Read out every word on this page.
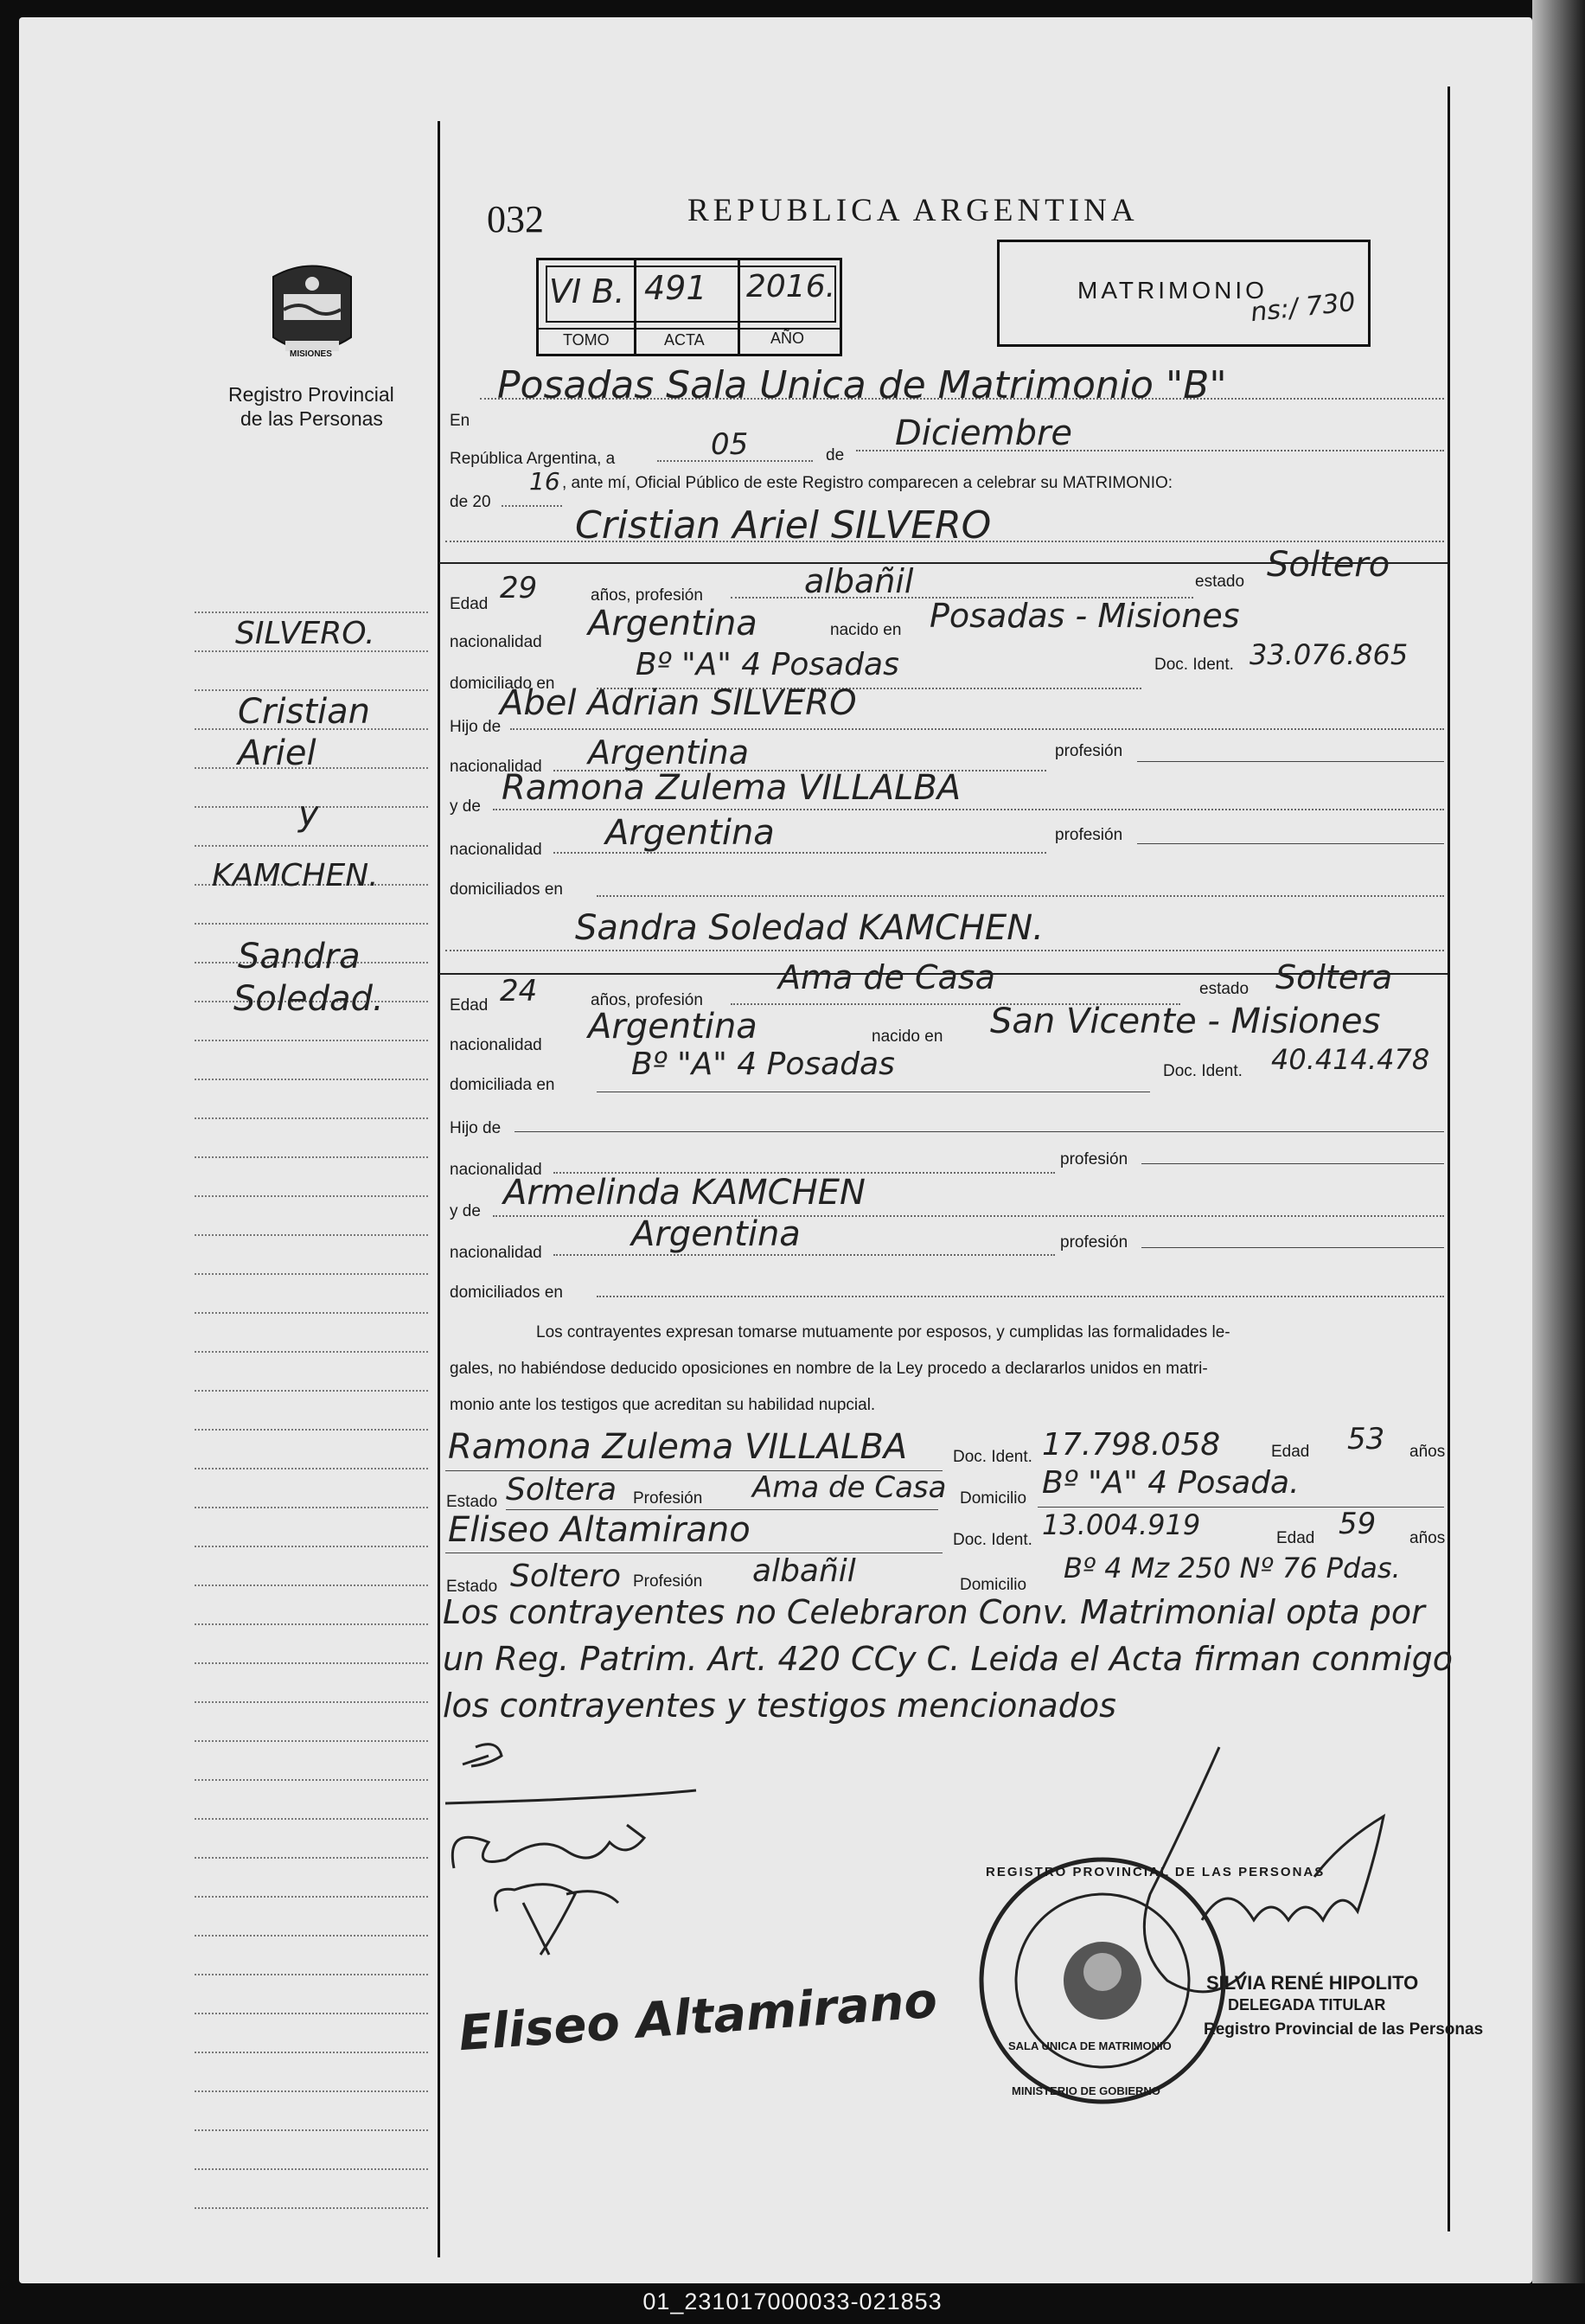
032	REPUBLICA ARGENTINA
VI B. 491 2016.
TOMO	ACTA	AÑO
MATRIMONIO
ns:/ 730
MISIONES
Registro Provincial
de las Personas
SILVERO.
Cristian
Ariel
y
KAMCHEN.
Sandra
Soledad.
En
Posadas Sala Unica de Matrimonio "B"
República Argentina, a	05	de
Diciembre
de 20
16 , ante mí, Oficial Público de este Registro comparecen a celebrar su MATRIMONIO:
Cristian Ariel SILVERO
Edad 29	años, profesión	albañil	estado Soltero
nacionalidad Argentina	nacido en Posadas - Misiones
domiciliado en
Bº "A" 4 Posadas	Doc. Ident. 33.076.865
Hijo de
Abel Adrian SILVERO
nacionalidad Argentina	profesión
y de Ramona Zulema VILLALBA
nacionalidad Argentina	profesión
domiciliados en
Sandra Soledad KAMCHEN.
Edad 24	años, profesión
Ama de Casa	estado Soltera
nacionalidad Argentina	nacido en San Vicente - Misiones
domiciliada en
Bº "A" 4 Posadas	Doc. Ident. 40.414.478
Hijo de
nacionalidad
profesión
y de Armelinda KAMCHEN
nacionalidad	Argentina	profesión
domiciliados en
Los contrayentes expresan tomarse mutuamente por esposos, y cumplidas las formalidades le-
gales, no habiéndose deducido oposiciones en nombre de la Ley procedo a declararlos unidos en matri-
monio ante los testigos que acreditan su habilidad nupcial.
Ramona Zulema VILLALBA	Doc. Ident. 17.798.058	Edad 53 años
Estado Soltera Profesión Ama de Casa Domicilio Bº "A" 4 Posada.
Eliseo Altamirano	Doc. Ident. 13.004.919	Edad 59 años
Estado Soltero Profesión albañil	Domicilio
Bº 4 Mz 250 Nº 76 Pdas.
Los contrayentes no Celebraron Conv. Matrimonial opta por
un Reg. Patrim. Art. 420 CCy C. Leida el Acta firman conmigo
los contrayentes y testigos mencionados
Eliseo Altamirano
REGISTRO PROVINCIAL DE LAS PERSONAS
SALA UNICA DE MATRIMONIO
MINISTERIO DE GOBIERNO
SILVIA RENÉ HIPOLITO
DELEGADA TITULAR
Registro Provincial de las Personas
01_231017000033-021853
